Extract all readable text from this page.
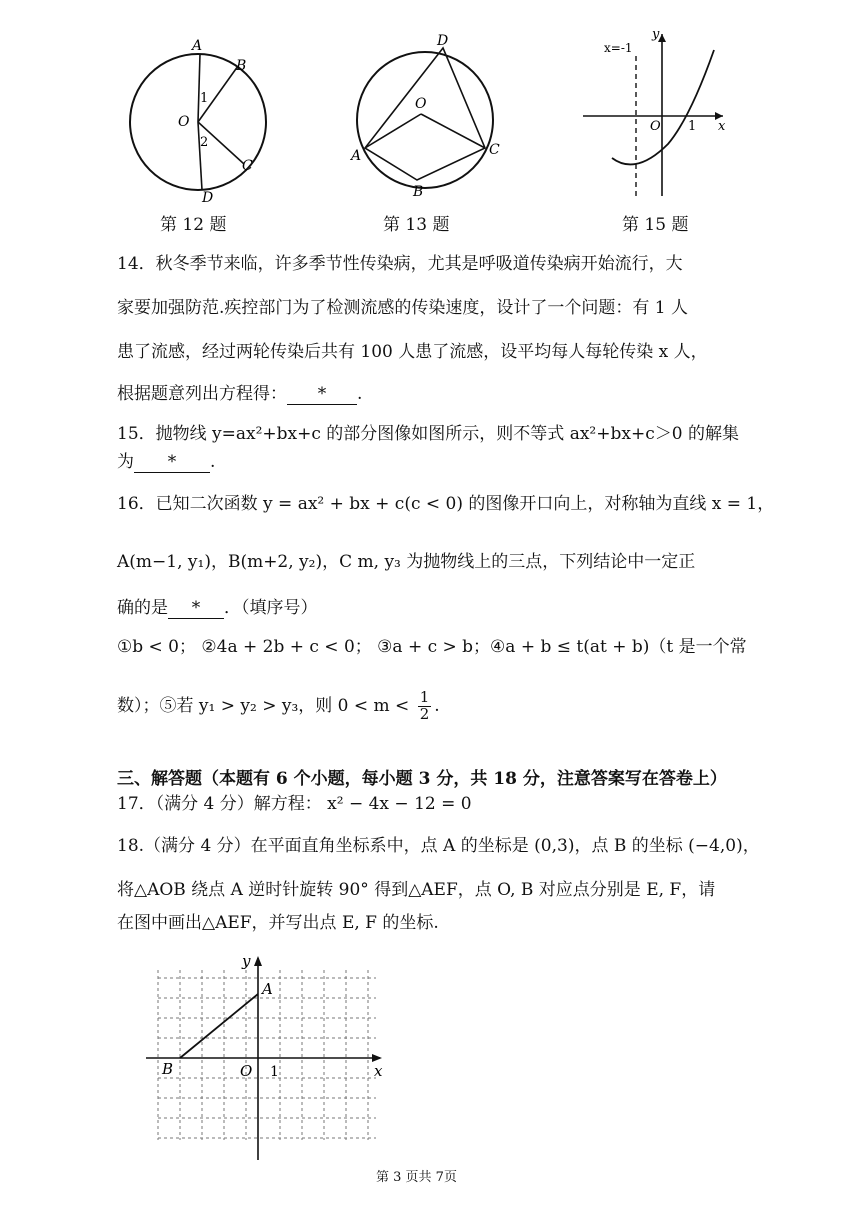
A
B
O
1
2
C
D
第 12 题
D
O
A
B
C
第 13 题
x=-1
y
O 1 x
第 15 题
14．秋冬季节来临，许多季节性传染病，尤其是呼吸道传染病开始流行，大
家要加强防范.疾控部门为了检测流感的传染速度，设计了一个问题：有 1 人
患了流感，经过两轮传染后共有 100 人患了流感，设平均每人每轮传染 x 人，
根据题意列出方程得： * .
15．抛物线 y=ax²+bx+c 的部分图像如图所示，则不等式 ax²+bx+c＞0 的解集
为 * .
16．已知二次函数 y = ax² + bx + c(c < 0) 的图像开口向上，对称轴为直线 x = 1，
A(m−1, y₁)，B(m+2, y₂)，C m, y₃ 为抛物线上的三点，下列结论中一定正
确的是 * ．（填序号）
①b < 0； ②4a + 2b + c < 0； ③a + c > b；④a + b ≤ t(at + b)（t 是一个常
数）；⑤若 y₁ > y₂ > y₃，则 $0 < m < \frac{1}{2}$ .
三、解答题（本题有 6 个小题，每小题 3 分，共 18 分，注意答案写在答卷上）
17．（满分 4 分）解方程： x² − 4x − 12 = 0
18.（满分 4 分）在平面直角坐标系中，点 A 的坐标是 (0,3)，点 B 的坐标 (−4,0)，
将△AOB 绕点 A 逆时针旋转 90° 得到△AEF，点 O, B 对应点分别是 E, F，请
在图中画出△AEF，并写出点 E, F 的坐标.
y
A
B	O 1	x
第 3 页共 7页
